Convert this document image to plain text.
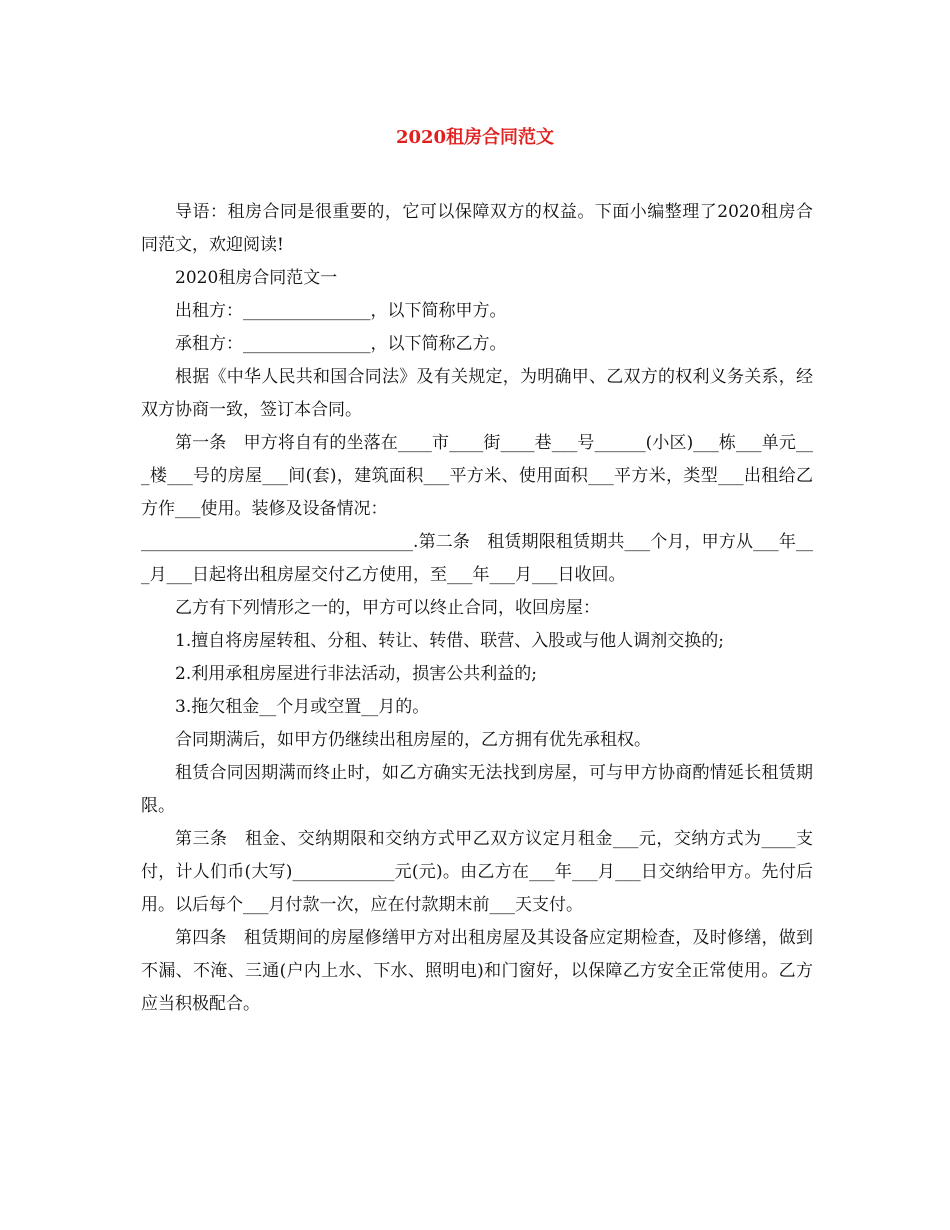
2020租房合同范文

导语：租房合同是很重要的，它可以保障双方的权益。下面小编整理了2020租房合同范文，欢迎阅读!

2020租房合同范文一

出租方：_______________，以下简称甲方。

承租方：_______________，以下简称乙方。

根据《中华人民共和国合同法》及有关规定，为明确甲、乙双方的权利义务关系，经双方协商一致，签订本合同。

第一条　甲方将自有的坐落在____市____街____巷___号______(小区)___栋___单元___楼___号的房屋___间(套)，建筑面积___平方米、使用面积___平方米，类型___出租给乙方作___使用。装修及设备情况：

________________________________.第二条　租赁期限租赁期共___个月，甲方从___年___月___日起将出租房屋交付乙方使用，至___年___月___日收回。

乙方有下列情形之一的，甲方可以终止合同，收回房屋：

1.擅自将房屋转租、分租、转让、转借、联营、入股或与他人调剂交换的;

2.利用承租房屋进行非法活动，损害公共利益的;

3.拖欠租金__个月或空置__月的。

合同期满后，如甲方仍继续出租房屋的，乙方拥有优先承租权。

租赁合同因期满而终止时，如乙方确实无法找到房屋，可与甲方协商酌情延长租赁期限。

第三条　租金、交纳期限和交纳方式甲乙双方议定月租金___元，交纳方式为____支付，计人们币(大写)____________元(元)。由乙方在___年___月___日交纳给甲方。先付后用。以后每个___月付款一次，应在付款期末前___天支付。

第四条　租赁期间的房屋修缮甲方对出租房屋及其设备应定期检查，及时修缮，做到不漏、不淹、三通(户内上水、下水、照明电)和门窗好，以保障乙方安全正常使用。乙方应当积极配合。
